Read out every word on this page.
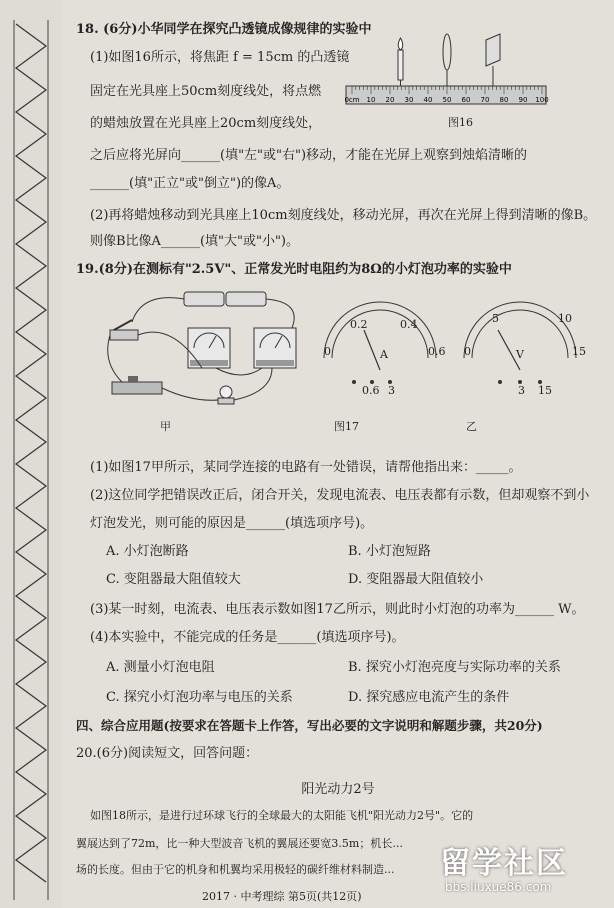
18. (6分)小华同学在探究凸透镜成像规律的实验中
(1)如图16所示，将焦距 f = 15cm 的凸透镜
固定在光具座上50cm刻度线处，将点燃
的蜡烛放置在光具座上20cm刻度线处，
之后应将光屏向______(填"左"或"右")移动，才能在光屏上观察到烛焰清晰的
______(填"正立"或"倒立")的像A。
(2)再将蜡烛移动到光具座上10cm刻度线处，移动光屏，再次在光屏上得到清晰的像B。
则像B比像A______(填"大"或"小")。
0cm 10 20 30 40 50 60 70 80 90 100
图16
19.(8分)在测标有"2.5V"、正常发光时电阻约为8Ω的小灯泡功率的实验中
甲
0
0.2	0.4
0.6
A
0.6 3
0
5	10
15
V
3 15
图17	乙
(1)如图17甲所示，某同学连接的电路有一处错误，请帮他指出来：_____。
(2)这位同学把错误改正后，闭合开关，发现电流表、电压表都有示数，但却观察不到小
灯泡发光，则可能的原因是______(填选项序号)。
A. 小灯泡断路	B. 小灯泡短路
C. 变阻器最大阻值较大	D. 变阻器最大阻值较小
(3)某一时刻，电流表、电压表示数如图17乙所示，则此时小灯泡的功率为______ W。
(4)本实验中，不能完成的任务是______(填选项序号)。
A. 测量小灯泡电阻	B. 探究小灯泡亮度与实际功率的关系
C. 探究小灯泡功率与电压的关系	D. 探究感应电流产生的条件
四、综合应用题(按要求在答题卡上作答，写出必要的文字说明和解题步骤，共20分)
20.(6分)阅读短文，回答问题：
阳光动力2号
如图18所示，是进行过环球飞行的全球最大的太阳能飞机"阳光动力2号"。它的
翼展达到了72m，比一种大型波音飞机的翼展还要宽3.5m；机长...
场的长度。但由于它的机身和机翼均采用极轻的碳纤维材料制造...
2017 · 中考理综 第5页(共12页)
留学社区
bbs.liuxue86.com
